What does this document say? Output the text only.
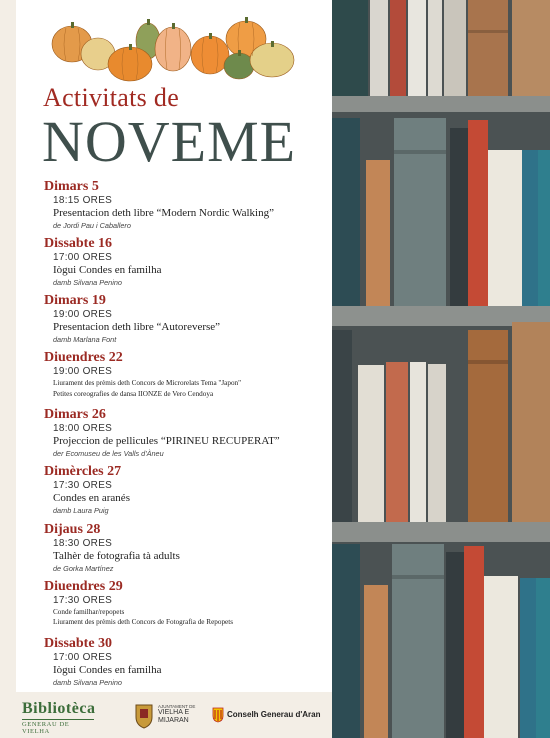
Activitats de
NOVEME
Dimars 5
18:15 ORES
Presentacion deth libre “Modern Nordic Walking”
de Jordi Pau i Caballero
Dissabte 16
17:00 ORES
Iògui Condes en familha
damb Silvana Penino
Dimars 19
19:00 ORES
Presentacion deth libre “Autoreverse”
damb Marlana Font
Diuendres 22
19:00 ORES
Liurament des prèmis deth Concors de Microrelats Tema "Japon"
Petites coreografies de dansa IIONZE de Vero Cendoya
Dimars 26
18:00 ORES
Projeccion de pellicules “PIRINEU RECUPERAT”
der Ecomuseu de les Valls d'Àneu
Dimèrcles 27
17:30 ORES
Condes en aranés
damb Laura Puig
Dijaus 28
18:30 ORES
Talhèr de fotografia tà adults
de Gorka Martínez
Diuendres 29
17:30 ORES
Conde familhar/repopets
Liurament des prèmis deth Concors de Fotografia de Repopets
Dissabte 30
17:00 ORES
Iògui Condes en familha
damb Silvana Penino
Bibliotèca
GENERAU DE VIELHA
AJUNTAMENT DE
VIELHA E MIJARAN
Conselh Generau d'Aran
